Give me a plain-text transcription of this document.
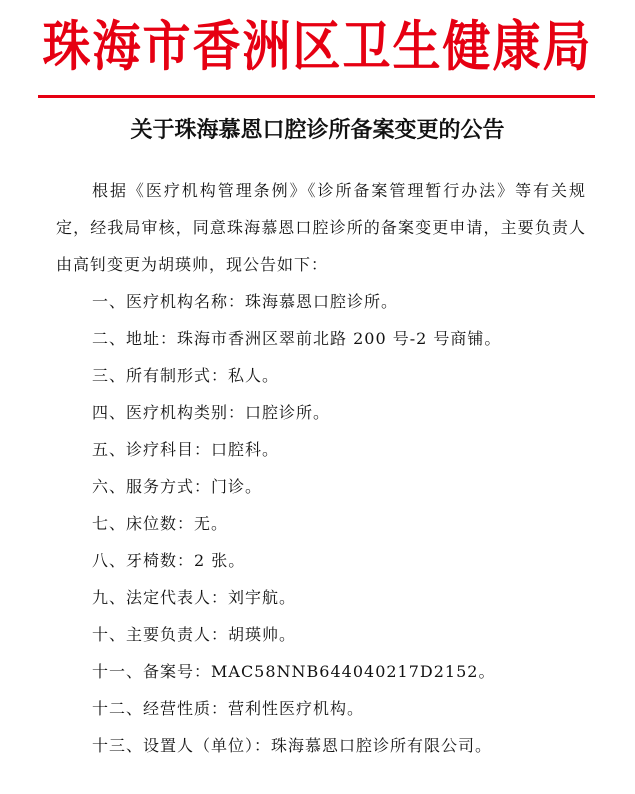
珠海市香洲区卫生健康局
关于珠海慕恩口腔诊所备案变更的公告

根据《医疗机构管理条例》《诊所备案管理暂行办法》等有关规定，经我局审核，同意珠海慕恩口腔诊所的备案变更申请，主要负责人由高钊变更为胡瑛帅，现公告如下：

一、医疗机构名称：珠海慕恩口腔诊所。
二、地址：珠海市香洲区翠前北路 200 号-2 号商铺。
三、所有制形式：私人。
四、医疗机构类别：口腔诊所。
五、诊疗科目：口腔科。
六、服务方式：门诊。
七、床位数：无。
八、牙椅数：2 张。
九、法定代表人：刘宇航。
十、主要负责人：胡瑛帅。
十一、备案号：MAC58NNB644040217D2152。
十二、经营性质：营利性医疗机构。
十三、设置人（单位）：珠海慕恩口腔诊所有限公司。
